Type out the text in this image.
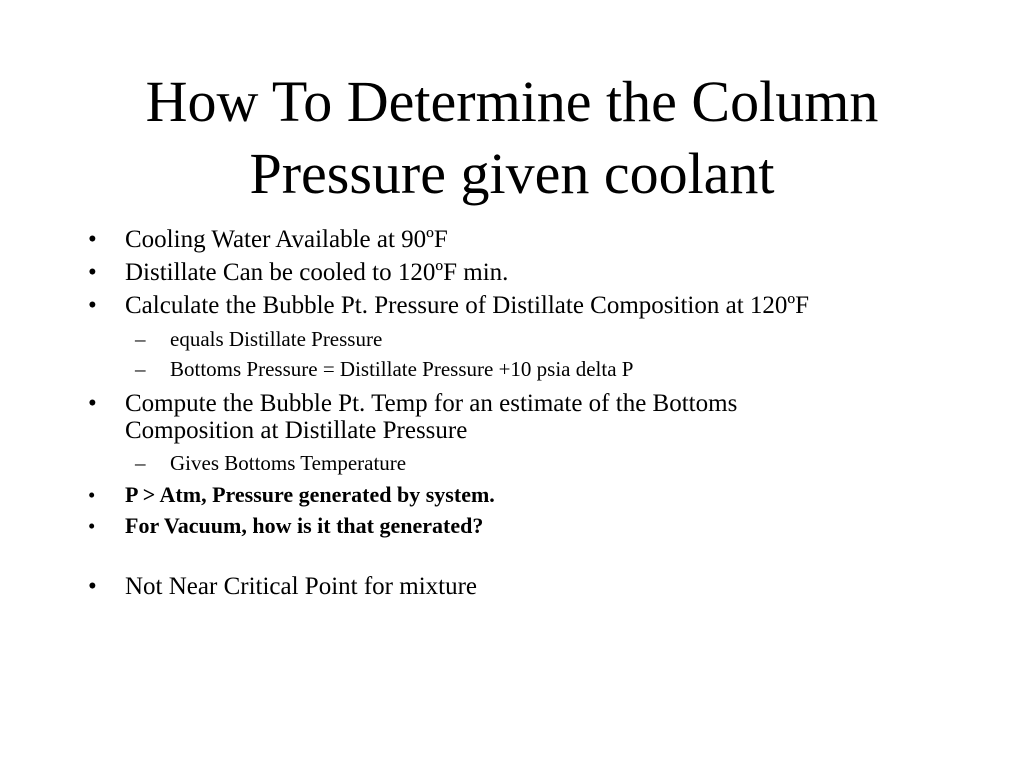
How To Determine the Column
Pressure given coolant
• Cooling Water Available at 90ºF
• Distillate Can be cooled to 120ºF min.
• Calculate the Bubble Pt. Pressure of Distillate Composition at 120ºF
– equals Distillate Pressure
– Bottoms Pressure = Distillate Pressure +10 psia delta P
• Compute the Bubble Pt. Temp for an estimate of the Bottoms
Composition at Distillate Pressure
– Gives Bottoms Temperature
• P > Atm, Pressure generated by system.
• For Vacuum, how is it that generated?
• Not Near Critical Point for mixture
